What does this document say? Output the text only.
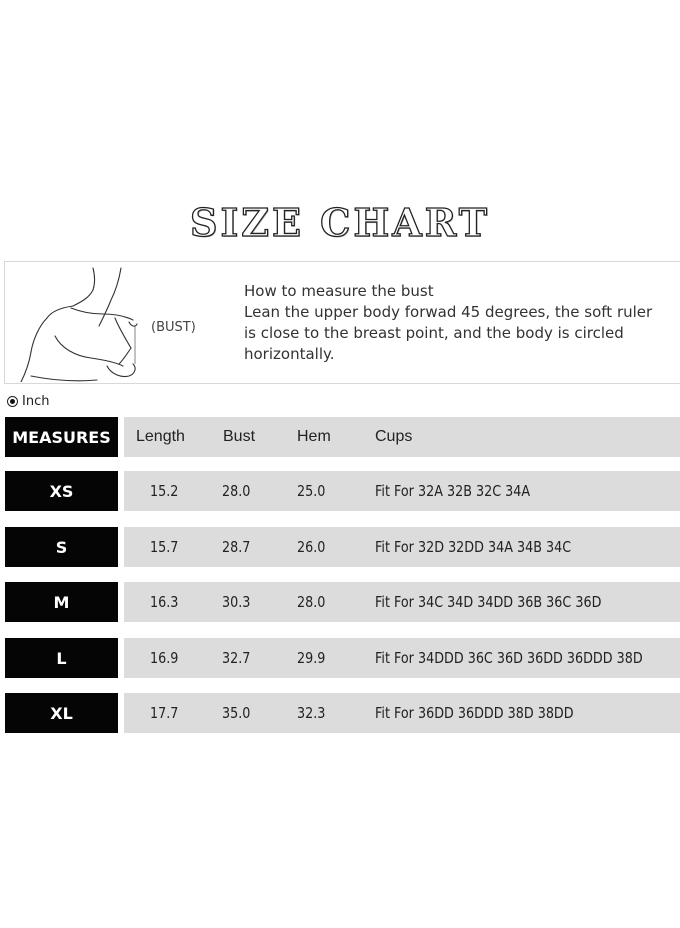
SIZE CHART
(BUST)
How to measure the bust
Lean the upper body forwad 45 degrees, the soft ruler is close to the breast point, and the body is circled horizontally.
Inch
MEASURES	Length Bust	Hem	Cups
XS	15.2	28.0	25.0	Fit For 32A 32B 32C 34A
S	15.7	28.7	26.0	Fit For 32D 32DD 34A 34B 34C
M	16.3	30.3	28.0	Fit For 34C 34D 34DD 36B 36C 36D
L	16.9	32.7	29.9	Fit For 34DDD 36C 36D 36DD 36DDD 38D
XL	17.7	35.0	32.3	Fit For 36DD 36DDD 38D 38DD
